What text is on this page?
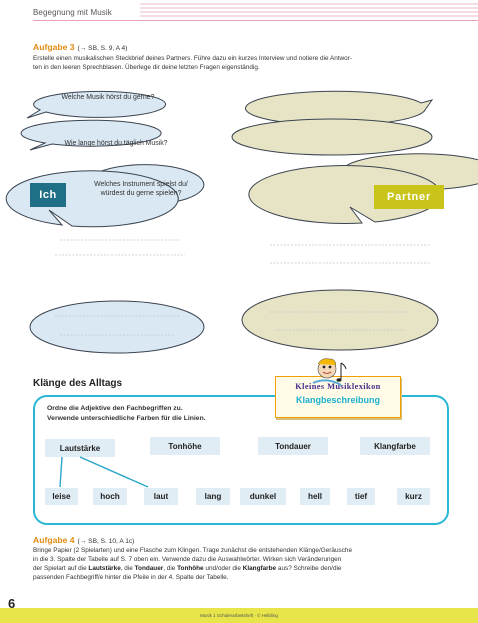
Begegnung mit Musik
Aufgabe 3 (→ SB, S. 9, A 4)
Erstelle einen musikalischen Steckbrief deines Partners. Führe dazu ein kurzes Interview und notiere die Antwor-
ten in den leeren Sprechblasen. Überlege dir deine letzten Fragen eigenständig.
Welche Musik hörst du gerne?
Wie lange hörst du täglich Musik?
Welches Instrument spielst du/
würdest du gerne spielen?
Ich	Partner
Kleines Musiklexikon
Klangbeschreibung
Klänge des Alltags
Ordne die Adjektive den Fachbegriffen zu.
Verwende unterschiedliche Farben für die Linien.
Lautstärke	Tonhöhe	Tondauer	Klangfarbe
leise	hoch	laut	lang	dunkel	hell	tief	kurz
Aufgabe 4 (→ SB, S. 10, A 1c)
Bringe Papier (2 Spielarten) und eine Flasche zum Klingen. Trage zunächst die entstehenden Klänge/Geräusche
in die 3. Spalte der Tabelle auf S. 7 oben ein. Verwende dazu die Auswahlwörter. Wirken sich Veränderungen
der Spielart auf die Lautstärke, die Tondauer, die Tonhöhe und/oder die Klangfarbe aus? Schreibe den/die
passenden Fachbegriff/e hinter die Pfeile in der 4. Spalte der Tabelle.
6
Musik 1 Schülerarbeitsheft · © Helbling
